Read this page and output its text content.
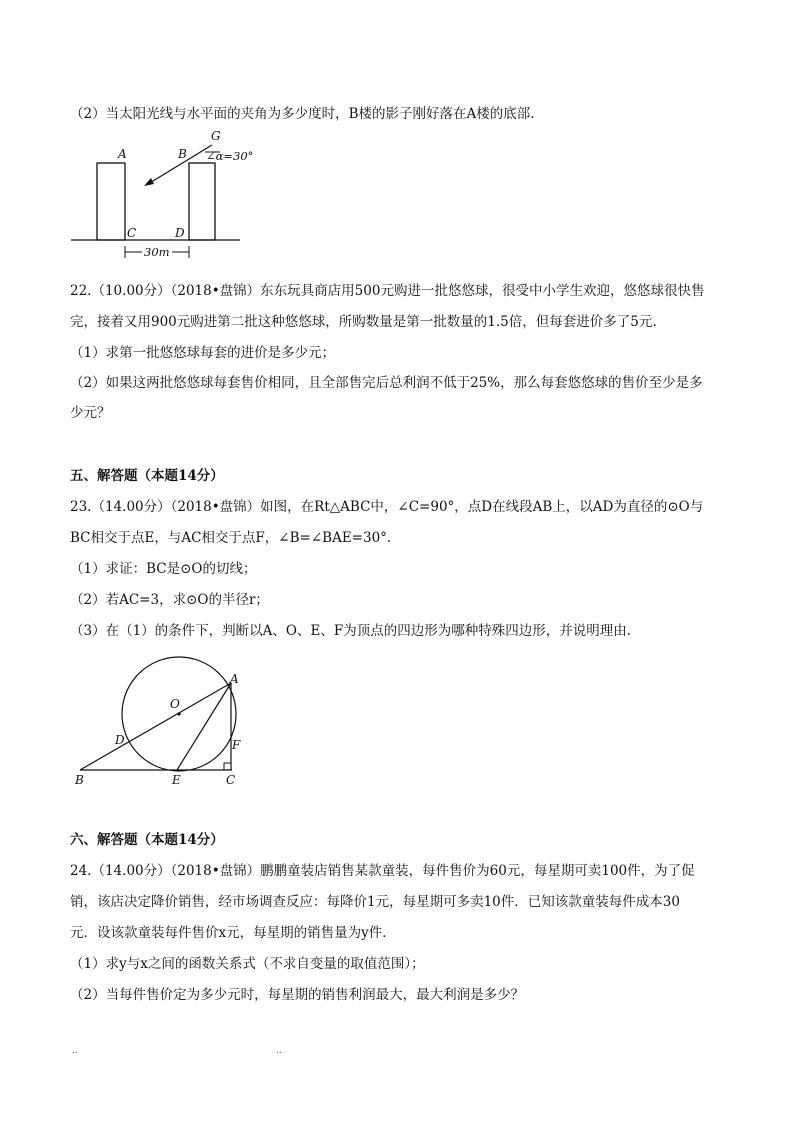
（2）当太阳光线与水平面的夹角为多少度时，B楼的影子刚好落在A楼的底部.
G
A	B ∠α=30°
C	D
30m
22.（10.00分）（2018•盘锦）东东玩具商店用500元购进一批悠悠球，很受中小学生欢迎，悠悠球很快售
完，接着又用900元购进第二批这种悠悠球，所购数量是第一批数量的1.5倍，但每套进价多了5元.
（1）求第一批悠悠球每套的进价是多少元；
（2）如果这两批悠悠球每套售价相同，且全部售完后总利润不低于25%，那么每套悠悠球的售价至少是多
少元？
五、解答题（本题14分）
23.（14.00分）（2018•盘锦）如图，在Rt△ABC中，∠C=90°，点D在线段AB上，以AD为直径的⊙O与
BC相交于点E，与AC相交于点F，∠B=∠BAE=30°．
（1）求证：BC是⊙O的切线；
（2）若AC=3，求⊙O的半径r；
（3）在（1）的条件下，判断以A、O、E、F为顶点的四边形为哪种特殊四边形，并说明理由.
O
A
D	F
B	E	C
六、解答题（本题14分）
24.（14.00分）（2018•盘锦）鹏鹏童装店销售某款童装，每件售价为60元，每星期可卖100件，为了促
销，该店决定降价销售，经市场调查反应：每降价1元，每星期可多卖10件．已知该款童装每件成本30
元．设该款童装每件售价x元，每星期的销售量为y件．
（1）求y与x之间的函数关系式（不求自变量的取值范围）；
（2）当每件售价定为多少元时，每星期的销售利润最大，最大利润是多少？
..	..
